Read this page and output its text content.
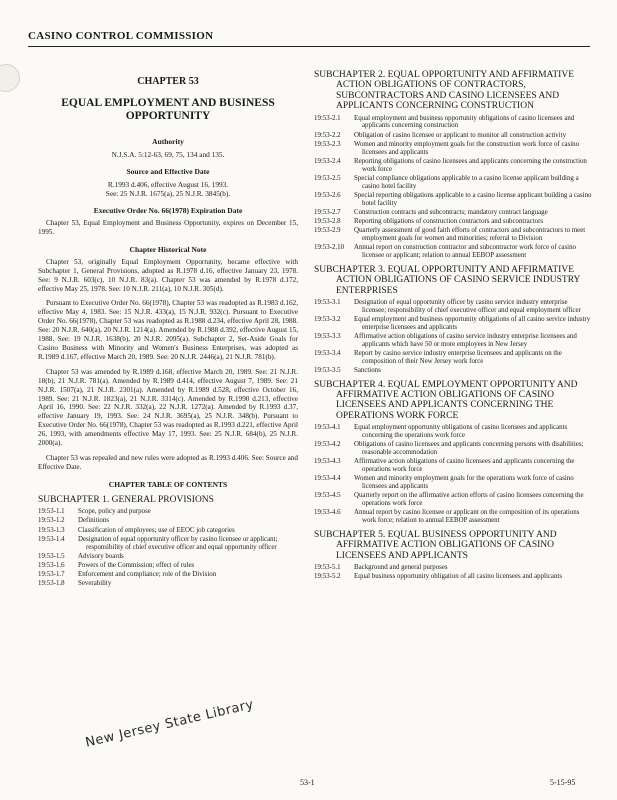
CASINO CONTROL COMMISSION
CHAPTER 53
EQUAL EMPLOYMENT AND BUSINESS OPPORTUNITY
Authority
N.J.S.A. 5:12-63, 69, 75, 134 and 135.
Source and Effective Date
R.1993 d.406, effective August 16, 1993.
See: 25 N.J.R. 1675(a), 25 N.J.R. 3845(b).
Executive Order No. 66(1978) Expiration Date
Chapter 53, Equal Employment and Business Opportunity, expires on December 15, 1995.
Chapter Historical Note
Chapter 53, originally Equal Employment Opportunity, became effective with Subchapter 1, General Provisions, adopted as R.1978 d.16, effective January 23, 1978. See: 9 N.J.R. 603(c), 10 N.J.R. 83(a). Chapter 53 was amended by R.1978 d.172, effective May 25, 1978. See: 10 N.J.R. 211(a), 10 N.J.R. 305(d).
Pursuant to Executive Order No. 66(1978), Chapter 53 was readopted as R.1983 d.162, effective May 4, 1983. See: 15 N.J.R. 433(a), 15 N.J.R. 932(c). Pursuant to Executive Order No. 66(1978), Chapter 53 was readopted as R.1988 d.234, effective April 28, 1988. See: 20 N.J.R. 640(a), 20 N.J.R. 1214(a). Amended by R.1988 d.392, effective August 15, 1988. See: 19 N.J.R. 1638(b), 20 N.J.R. 2095(a). Subchapter 2, Set-Aside Goals for Casino Business with Minority and Women's Business Enterprises, was adopted as R.1989 d.167, effective March 20, 1989. See: 20 N.J.R. 2446(a), 21 N.J.R. 781(b).
Chapter 53 was amended by R.1989 d.168, effective March 20, 1989. See: 21 N.J.R. 18(b), 21 N.J.R. 781(a). Amended by R.1989 d.414, effective August 7, 1989. See: 21 N.J.R. 1507(a), 21 N.J.R. 2301(a). Amended by R.1989 d.528, effective October 16, 1989. See: 21 N.J.R. 1823(a), 21 N.J.R. 3314(c). Amended by R.1990 d.213, effective April 16, 1990. See: 22 N.J.R. 332(a), 22 N.J.R. 1272(a). Amended by R.1993 d.37, effective January 19, 1993. See: 24 N.J.R. 3695(a), 25 N.J.R. 348(b). Pursuant to Executive Order No. 66(1978), Chapter 53 was readopted as R.1993 d.221, effective April 26, 1993, with amendments effective May 17, 1993. See: 25 N.J.R. 684(b), 25 N.J.R. 2000(a).
Chapter 53 was repealed and new rules were adopted as R.1993 d.406. See: Source and Effective Date.
CHAPTER TABLE OF CONTENTS
SUBCHAPTER 1. GENERAL PROVISIONS
19:53-1.1	Scope, policy and purpose
19:53-1.2	Definitions
19:53-1.3	Classification of employees; use of EEOC job categories
19:53-1.4	Designation of equal opportunity officer by casino licensee or applicant; responsibility of chief executive officer and equal opportunity officer
19:53-1.5	Advisory boards
19:53-1.6	Powers of the Commission; effect of rules
19:53-1.7	Enforcement and compliance; role of the Division
19:53-1.8	Severability
SUBCHAPTER 2. EQUAL OPPORTUNITY AND AFFIRMATIVE ACTION OBLIGATIONS OF CONTRACTORS, SUBCONTRACTORS AND CASINO LICENSEES AND APPLICANTS CONCERNING CONSTRUCTION
19:53-2.1	Equal employment and business opportunity obligations of casino licensees and applicants concerning construction
19:53-2.2	Obligation of casino licensee or applicant to monitor all construction activity
19:53-2.3	Women and minority employment goals for the construction work force of casino licensees and applicants
19:53-2.4	Reporting obligations of casino licensees and applicants concerning the construction work force
19:53-2.5	Special compliance obligations applicable to a casino license applicant building a casino hotel facility
19:53-2.6	Special reporting obligations applicable to a casino license applicant building a casino hotel facility
19:53-2.7	Construction contracts and subcontracts; mandatory contract language
19:53-2.8	Reporting obligations of construction contractors and subcontractors
19:53-2.9	Quarterly assessment of good faith efforts of contractors and subcontractors to meet employment goals for women and minorities; referral to Division
19:53-2.10	Annual report on construction contractor and subcontractor work force of casino licensee or applicant; relation to annual EEBOP assessment
SUBCHAPTER 3. EQUAL OPPORTUNITY AND AFFIRMATIVE ACTION OBLIGATIONS OF CASINO SERVICE INDUSTRY ENTERPRISES
19:53-3.1	Designation of equal opportunity officer by casino service industry enterprise licensee; responsibility of chief executive officer and equal employment officer
19:53-3.2	Equal employment and business opportunity obligations of all casino service industry enterprise licensees and applicants
19:53-3.3	Affirmative action obligations of casino service industry enterprise licensees and applicants which have 50 or more employees in New Jersey
19:53-3.4	Report by casino service industry enterprise licensees and applicants on the composition of their New Jersey work force
19:53-3.5	Sanctions
SUBCHAPTER 4. EQUAL EMPLOYMENT OPPORTUNITY AND AFFIRMATIVE ACTION OBLIGATIONS OF CASINO LICENSEES AND APPLICANTS CONCERNING THE OPERATIONS WORK FORCE
19:53-4.1	Equal employment opportunity obligations of casino licensees and applicants concerning the operations work force
19:53-4.2	Obligations of casino licensees and applicants concerning persons with disabilities; reasonable accommodation
19:53-4.3	Affirmative action obligations of casino licensees and applicants concerning the operations work force
19:53-4.4	Women and minority employment goals for the operations work force of casino licensees and applicants
19:53-4.5	Quarterly report on the affirmative action efforts of casino licensees concerning the operations work force
19:53-4.6	Annual report by casino licensee or applicant on the composition of its operations work force; relation to annual EEBOP assessment
SUBCHAPTER 5. EQUAL BUSINESS OPPORTUNITY AND AFFIRMATIVE ACTION OBLIGATIONS OF CASINO LICENSEES AND APPLICANTS
19:53-5.1	Background and general purposes
19:53-5.2	Equal business opportunity obligation of all casino licensees and applicants
New Jersey State Library
53-1	5-15-95
